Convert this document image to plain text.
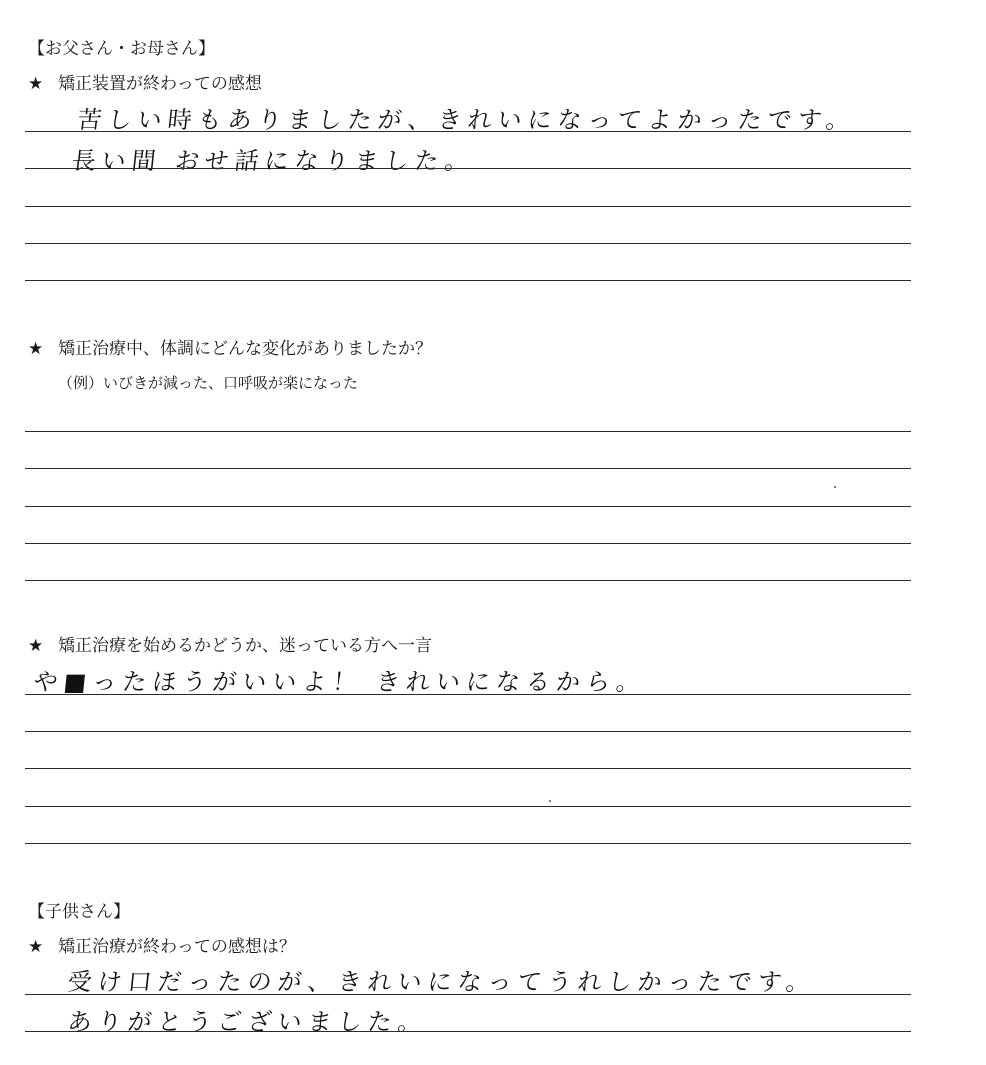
【お父さん・お母さん】
★ 矯正装置が終わっての感想
苦しい時もありましたが、きれいになってよかったです。
長い間 おせ話になりました。
★ 矯正治療中、体調にどんな変化がありましたか？
（例）いびきが減った、口呼吸が楽になった
★ 矯正治療を始めるかどうか、迷っている方へ一言
や■ったほうがいいよ！ きれいになるから。
【子供さん】
★ 矯正治療が終わっての感想は？
受け口だったのが、きれいになってうれしかったです。
ありがとうございました。
